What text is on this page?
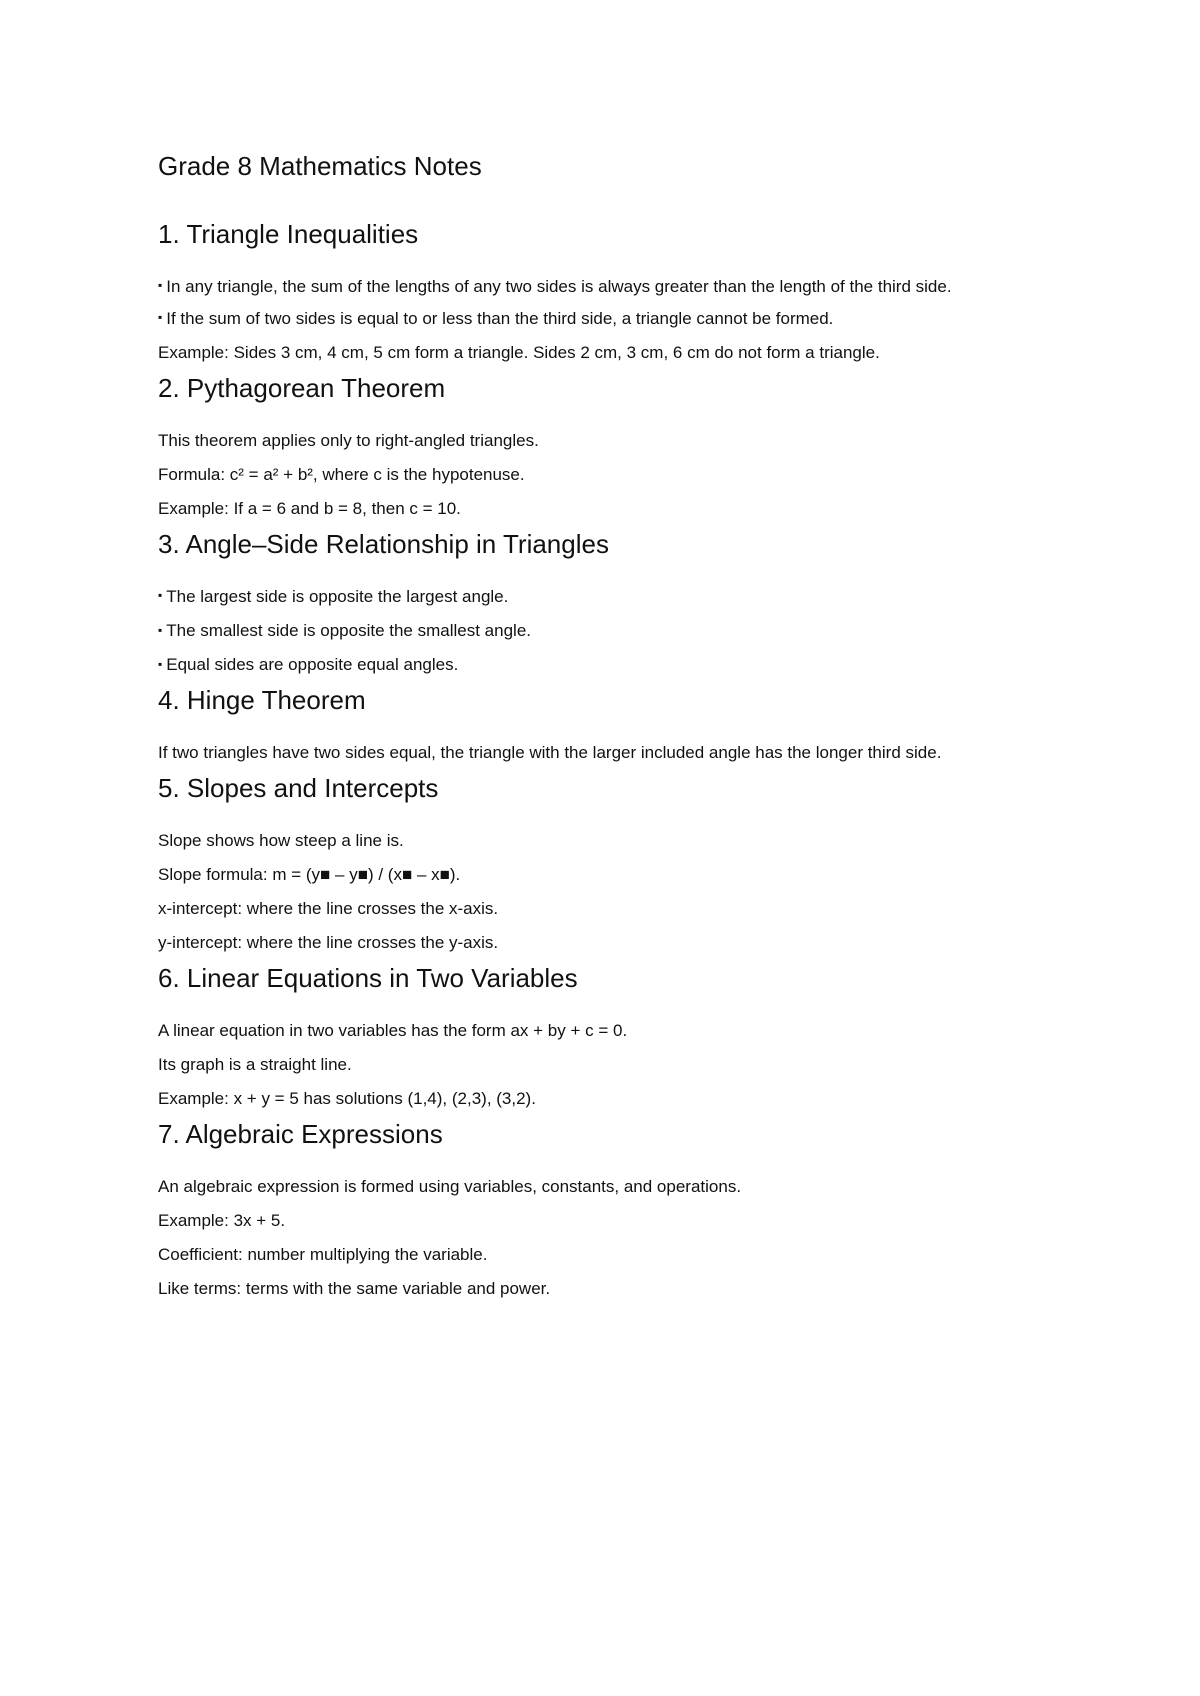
Grade 8 Mathematics Notes
1. Triangle Inequalities

▪ In any triangle, the sum of the lengths of any two sides is always greater than the length of the third side.

▪ If the sum of two sides is equal to or less than the third side, a triangle cannot be formed.

Example: Sides 3 cm, 4 cm, 5 cm form a triangle. Sides 2 cm, 3 cm, 6 cm do not form a triangle.

2. Pythagorean Theorem

This theorem applies only to right-angled triangles.

Formula: c² = a² + b², where c is the hypotenuse.

Example: If a = 6 and b = 8, then c = 10.

3. Angle–Side Relationship in Triangles

▪ The largest side is opposite the largest angle.

▪ The smallest side is opposite the smallest angle.

▪ Equal sides are opposite equal angles.

4. Hinge Theorem

If two triangles have two sides equal, the triangle with the larger included angle has the longer third side.

5. Slopes and Intercepts

Slope shows how steep a line is.

Slope formula: m = (y■ – y■) / (x■ – x■).

x-intercept: where the line crosses the x-axis.

y-intercept: where the line crosses the y-axis.

6. Linear Equations in Two Variables

A linear equation in two variables has the form ax + by + c = 0.

Its graph is a straight line.

Example: x + y = 5 has solutions (1,4), (2,3), (3,2).

7. Algebraic Expressions

An algebraic expression is formed using variables, constants, and operations.

Example: 3x + 5.

Coefficient: number multiplying the variable.

Like terms: terms with the same variable and power.
